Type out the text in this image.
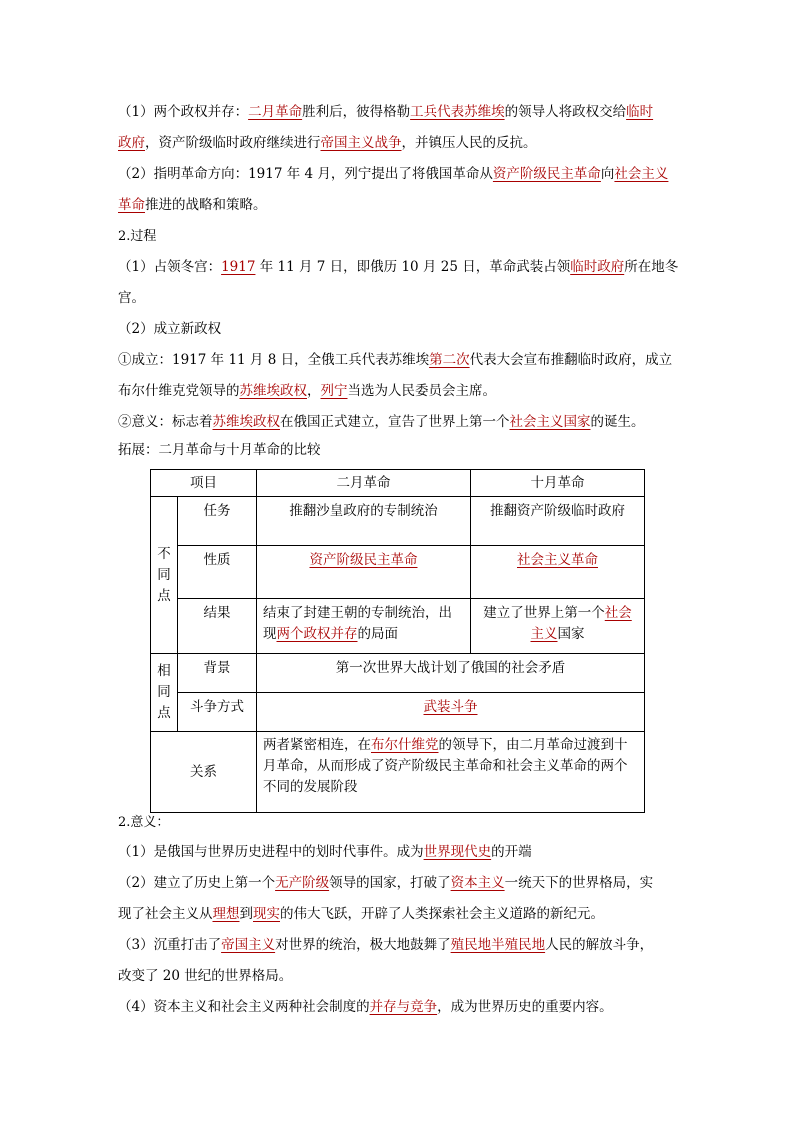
（1）两个政权并存：二月革命胜利后，彼得格勒工兵代表苏维埃的领导人将政权交给临时
政府，资产阶级临时政府继续进行帝国主义战争，并镇压人民的反抗。
（2）指明革命方向：1917 年 4 月，列宁提出了将俄国革命从资产阶级民主革命向社会主义
革命推进的战略和策略。
2.过程
（1）占领冬宫：1917 年 11 月 7 日，即俄历 10 月 25 日，革命武装占领临时政府所在地冬
宫。
（2）成立新政权
①成立：1917 年 11 月 8 日，全俄工兵代表苏维埃第二次代表大会宣布推翻临时政府，成立
布尔什维克党领导的苏维埃政权，列宁当选为人民委员会主席。
②意义：标志着苏维埃政权在俄国正式建立，宣告了世界上第一个社会主义国家的诞生。
拓展：二月革命与十月革命的比较
项目		二月革命	十月革命

不
同
点	任务	推翻沙皇政府的专制统治	推翻资产阶级临时政府
	性质	资产阶级民主革命	社会主义革命
	结果	结束了封建王朝的专制统治，出
现两个政权并存的局面	建立了世界上第一个社会
主义国家

相
同
点	背景	第一次世界大战计划了俄国的社会矛盾	
	斗争方式	武装斗争	
关系		两者紧密相连，在布尔什维党的领导下，由二月革命过渡到十
月革命，从而形成了资产阶级民主革命和社会主义革命的两个
不同的发展阶段	
2.意义：
（1）是俄国与世界历史进程中的划时代事件。成为世界现代史的开端
（2）建立了历史上第一个无产阶级领导的国家，打破了资本主义一统天下的世界格局，实
现了社会主义从理想到现实的伟大飞跃，开辟了人类探索社会主义道路的新纪元。
（3）沉重打击了帝国主义对世界的统治，极大地鼓舞了殖民地半殖民地人民的解放斗争，
改变了 20 世纪的世界格局。
（4）资本主义和社会主义两种社会制度的并存与竞争，成为世界历史的重要内容。
